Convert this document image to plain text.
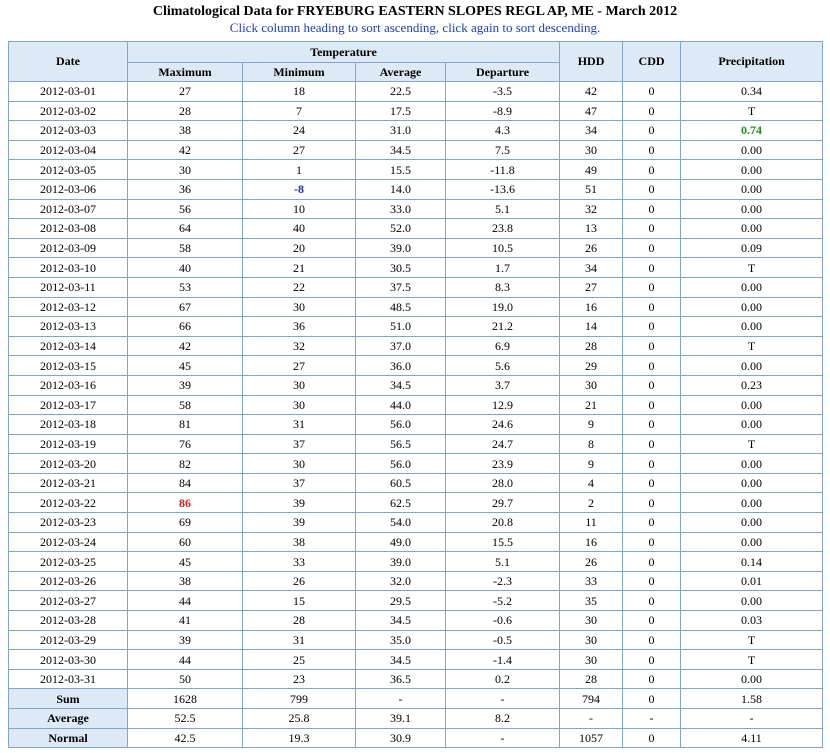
Climatological Data for FRYEBURG EASTERN SLOPES REGL AP, ME - March 2012
Click column heading to sort ascending, click again to sort descending.
Date	Temperature				HDD	CDD	Precipitation
	Maximum	Minimum	Average	Departure			
2012-03-01	27	18	22.5	-3.5	42	0	0.34
2012-03-02	28	7	17.5	-8.9	47	0	T
2012-03-03	38	24	31.0	4.3	34	0	0.74
2012-03-04	42	27	34.5	7.5	30	0	0.00
2012-03-05	30	1	15.5	-11.8	49	0	0.00
2012-03-06	36	-8	14.0	-13.6	51	0	0.00
2012-03-07	56	10	33.0	5.1	32	0	0.00
2012-03-08	64	40	52.0	23.8	13	0	0.00
2012-03-09	58	20	39.0	10.5	26	0	0.09
2012-03-10	40	21	30.5	1.7	34	0	T
2012-03-11	53	22	37.5	8.3	27	0	0.00
2012-03-12	67	30	48.5	19.0	16	0	0.00
2012-03-13	66	36	51.0	21.2	14	0	0.00
2012-03-14	42	32	37.0	6.9	28	0	T
2012-03-15	45	27	36.0	5.6	29	0	0.00
2012-03-16	39	30	34.5	3.7	30	0	0.23
2012-03-17	58	30	44.0	12.9	21	0	0.00
2012-03-18	81	31	56.0	24.6	9	0	0.00
2012-03-19	76	37	56.5	24.7	8	0	T
2012-03-20	82	30	56.0	23.9	9	0	0.00
2012-03-21	84	37	60.5	28.0	4	0	0.00
2012-03-22	86	39	62.5	29.7	2	0	0.00
2012-03-23	69	39	54.0	20.8	11	0	0.00
2012-03-24	60	38	49.0	15.5	16	0	0.00
2012-03-25	45	33	39.0	5.1	26	0	0.14
2012-03-26	38	26	32.0	-2.3	33	0	0.01
2012-03-27	44	15	29.5	-5.2	35	0	0.00
2012-03-28	41	28	34.5	-0.6	30	0	0.03
2012-03-29	39	31	35.0	-0.5	30	0	T
2012-03-30	44	25	34.5	-1.4	30	0	T
2012-03-31	50	23	36.5	0.2	28	0	0.00
Sum	1628	799	-	-	794	0	1.58
Average	52.5	25.8	39.1	8.2	-	-	-
Normal	42.5	19.3	30.9	-	1057	0	4.11
